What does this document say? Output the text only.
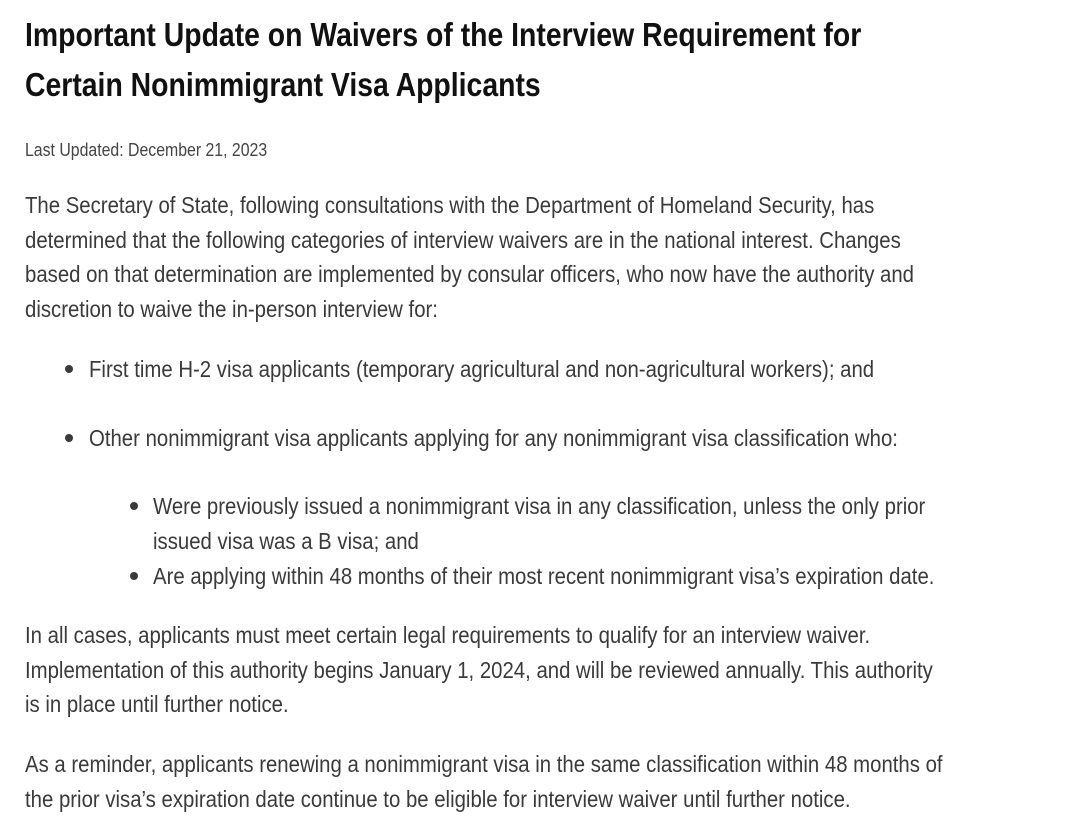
Important Update on Waivers of the Interview Requirement for
Certain Nonimmigrant Visa Applicants
Last Updated: December 21, 2023

The Secretary of State, following consultations with the Department of Homeland Security, has
determined that the following categories of interview waivers are in the national interest. Changes
based on that determination are implemented by consular officers, who now have the authority and
discretion to waive the in-person interview for:

First time H-2 visa applicants (temporary agricultural and non-agricultural workers); and
Other nonimmigrant visa applicants applying for any nonimmigrant visa classification who:
Were previously issued a nonimmigrant visa in any classification, unless the only prior
issued visa was a B visa; and
Are applying within 48 months of their most recent nonimmigrant visa’s expiration date.

In all cases, applicants must meet certain legal requirements to qualify for an interview waiver.
Implementation of this authority begins January 1, 2024, and will be reviewed annually. This authority
is in place until further notice.

As a reminder, applicants renewing a nonimmigrant visa in the same classification within 48 months of
the prior visa’s expiration date continue to be eligible for interview waiver until further notice.
